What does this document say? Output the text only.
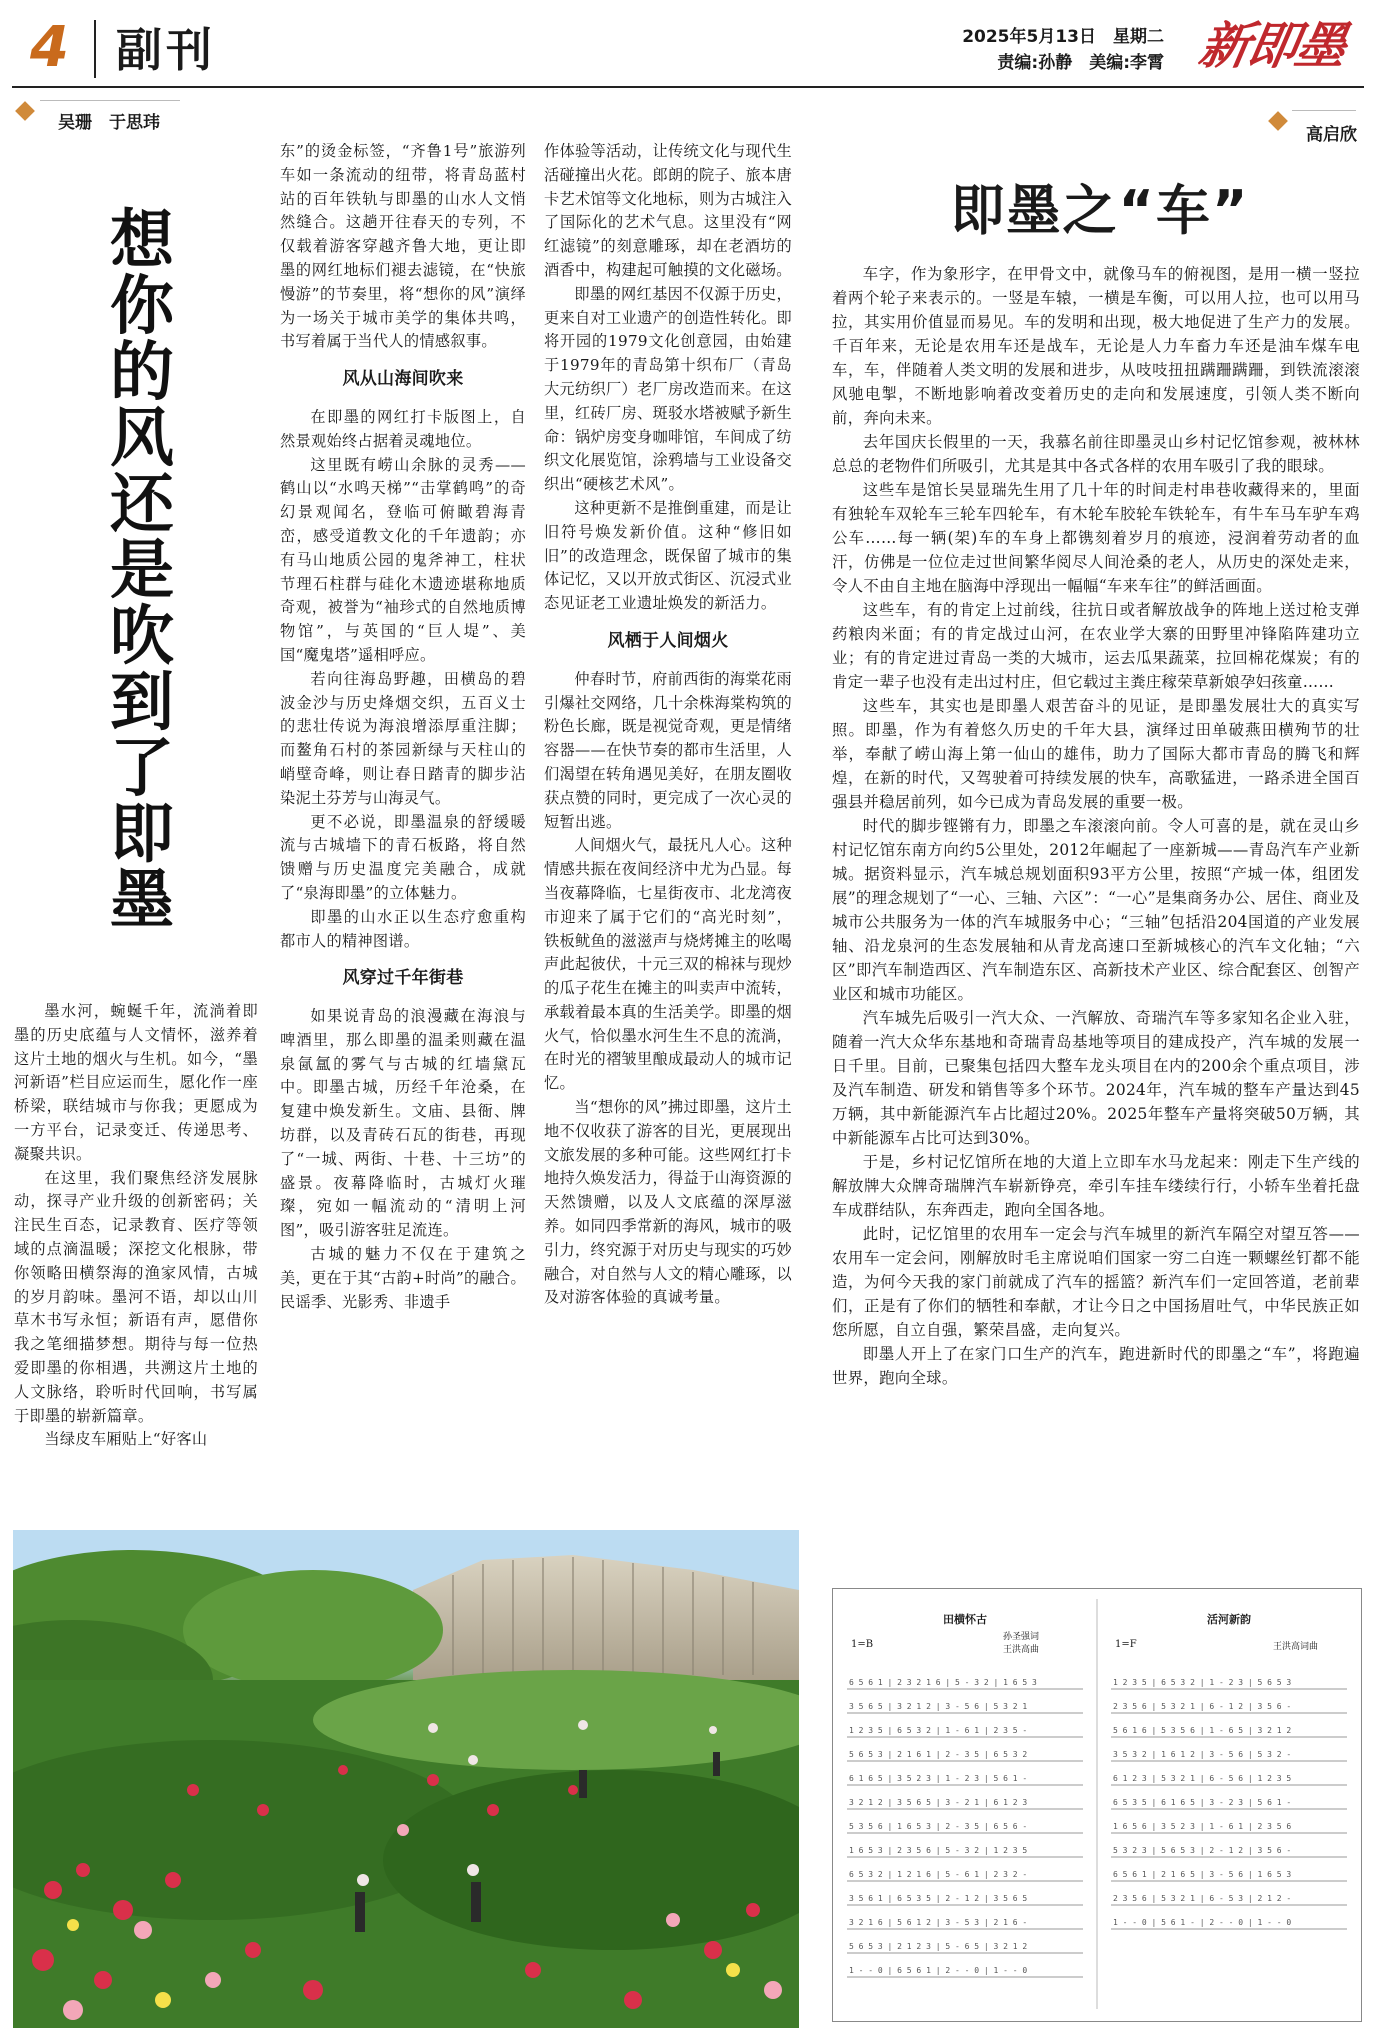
4 副刊	2025年5月13日　星期二
责编:孙静　美编:李霄 新即墨
吴珊　于思玮
高启欣
想你的风还是吹到了即墨

墨水河，蜿蜒千年，流淌着即墨的历史底蕴与人文情怀，滋养着这片土地的烟火与生机。如今，“墨河新语”栏目应运而生，愿化作一座桥梁，联结城市与你我；更愿成为一方平台，记录变迁、传递思考、凝聚共识。

在这里，我们聚焦经济发展脉动，探寻产业升级的创新密码；关注民生百态，记录教育、医疗等领域的点滴温暖；深挖文化根脉，带你领略田横祭海的渔家风情，古城的岁月韵味。墨河不语，却以山川草木书写永恒；新语有声，愿借你我之笔细描梦想。期待与每一位热爱即墨的你相遇，共溯这片土地的人文脉络，聆听时代回响，书写属于即墨的崭新篇章。

当绿皮车厢贴上“好客山

东”的烫金标签，“齐鲁1号”旅游列车如一条流动的纽带，将青岛蓝村站的百年铁轨与即墨的山水人文悄然缝合。这趟开往春天的专列，不仅载着游客穿越齐鲁大地，更让即墨的网红地标们褪去滤镜，在“快旅慢游”的节奏里，将“想你的风”演绎为一场关于城市美学的集体共鸣，书写着属于当代人的情感叙事。

风从山海间吹来

在即墨的网红打卡版图上，自然景观始终占据着灵魂地位。

这里既有崂山余脉的灵秀——鹤山以“水鸣天梯”“击掌鹤鸣”的奇幻景观闻名，登临可俯瞰碧海青峦，感受道教文化的千年遗韵；亦有马山地质公园的鬼斧神工，柱状节理石柱群与硅化木遗迹堪称地质奇观，被誉为“袖珍式的自然地质博物馆”，与英国的“巨人堤”、美国“魔鬼塔”遥相呼应。

若向往海岛野趣，田横岛的碧波金沙与历史烽烟交织，五百义士的悲壮传说为海浪增添厚重注脚；而鳌角石村的茶园新绿与天柱山的峭壁奇峰，则让春日踏青的脚步沾染泥土芬芳与山海灵气。

更不必说，即墨温泉的舒缓暖流与古城墙下的青石板路，将自然馈赠与历史温度完美融合，成就了“泉海即墨”的立体魅力。

即墨的山水正以生态疗愈重构都市人的精神图谱。

风穿过千年街巷

如果说青岛的浪漫藏在海浪与啤酒里，那么即墨的温柔则藏在温泉氤氲的雾气与古城的红墙黛瓦中。即墨古城，历经千年沧桑，在复建中焕发新生。文庙、县衙、牌坊群，以及青砖石瓦的街巷，再现了“一城、两街、十巷、十三坊”的盛景。夜幕降临时，古城灯火璀璨，宛如一幅流动的“清明上河图”，吸引游客驻足流连。

古城的魅力不仅在于建筑之美，更在于其“古韵+时尚”的融合。民谣季、光影秀、非遗手

作体验等活动，让传统文化与现代生活碰撞出火花。郎朗的院子、旅本唐卡艺术馆等文化地标，则为古城注入了国际化的艺术气息。这里没有“网红滤镜”的刻意雕琢，却在老酒坊的酒香中，构建起可触摸的文化磁场。

即墨的网红基因不仅源于历史，更来自对工业遗产的创造性转化。即将开园的1979文化创意园，由始建于1979年的青岛第十织布厂（青岛大元纺织厂）老厂房改造而来。在这里，红砖厂房、斑驳水塔被赋予新生命：锅炉房变身咖啡馆，车间成了纺织文化展览馆，涂鸦墙与工业设备交织出“硬核艺术风”。

这种更新不是推倒重建，而是让旧符号焕发新价值。这种“修旧如旧”的改造理念，既保留了城市的集体记忆，又以开放式街区、沉浸式业态见证老工业遗址焕发的新活力。

风栖于人间烟火

仲春时节，府前西街的海棠花雨引爆社交网络，几十余株海棠构筑的粉色长廊，既是视觉奇观，更是情绪容器——在快节奏的都市生活里，人们渴望在转角遇见美好，在朋友圈收获点赞的同时，更完成了一次心灵的短暂出逃。

人间烟火气，最抚凡人心。这种情感共振在夜间经济中尤为凸显。每当夜幕降临，七星街夜市、北龙湾夜市迎来了属于它们的“高光时刻”，铁板鱿鱼的滋滋声与烧烤摊主的吆喝声此起彼伏，十元三双的棉袜与现炒的瓜子花生在摊主的叫卖声中流转，承载着最本真的生活美学。即墨的烟火气，恰似墨水河生生不息的流淌，在时光的褶皱里酿成最动人的城市记忆。

当“想你的风”拂过即墨，这片土地不仅收获了游客的目光，更展现出文旅发展的多种可能。这些网红打卡地持久焕发活力，得益于山海资源的天然馈赠，以及人文底蕴的深厚滋养。如同四季常新的海风，城市的吸引力，终究源于对历史与现实的巧妙融合，对自然与人文的精心雕琢，以及对游客体验的真诚考量。

即墨之“车”

车字，作为象形字，在甲骨文中，就像马车的俯视图，是用一横一竖拉着两个轮子来表示的。一竖是车辕，一横是车衡，可以用人拉，也可以用马拉，其实用价值显而易见。车的发明和出现，极大地促进了生产力的发展。千百年来，无论是农用车还是战车，无论是人力车畜力车还是油车煤车电车，车，伴随着人类文明的发展和进步，从吱吱扭扭蹒跚蹒跚，到铁流滚滚风驰电掣，不断地影响着改变着历史的走向和发展速度，引领人类不断向前，奔向未来。

去年国庆长假里的一天，我慕名前往即墨灵山乡村记忆馆参观，被林林总总的老物件们所吸引，尤其是其中各式各样的农用车吸引了我的眼球。

这些车是馆长吴显瑞先生用了几十年的时间走村串巷收藏得来的，里面有独轮车双轮车三轮车四轮车，有木轮车胶轮车铁轮车，有牛车马车驴车鸡公车……每一辆(架)车的车身上都镌刻着岁月的痕迹，浸润着劳动者的血汗，仿佛是一位位走过世间繁华阅尽人间沧桑的老人，从历史的深处走来，令人不由自主地在脑海中浮现出一幅幅“车来车往”的鲜活画面。

这些车，有的肯定上过前线，往抗日或者解放战争的阵地上送过枪支弹药粮肉米面；有的肯定战过山河，在农业学大寨的田野里冲锋陷阵建功立业；有的肯定进过青岛一类的大城市，运去瓜果蔬菜，拉回棉花煤炭；有的肯定一辈子也没有走出过村庄，但它载过主粪庄稼荣草新娘孕妇孩童……

这些车，其实也是即墨人艰苦奋斗的见证，是即墨发展壮大的真实写照。即墨，作为有着悠久历史的千年大县，演绎过田单破燕田横殉节的壮举，奉献了崂山海上第一仙山的雄伟，助力了国际大都市青岛的腾飞和辉煌，在新的时代，又驾驶着可持续发展的快车，高歌猛进，一路杀进全国百强县并稳居前列，如今已成为青岛发展的重要一极。

时代的脚步铿锵有力，即墨之车滚滚向前。令人可喜的是，就在灵山乡村记忆馆东南方向约5公里处，2012年崛起了一座新城——青岛汽车产业新城。据资料显示，汽车城总规划面积93平方公里，按照“产城一体，组团发展”的理念规划了“一心、三轴、六区”：“一心”是集商务办公、居住、商业及城市公共服务为一体的汽车城服务中心；“三轴”包括沿204国道的产业发展轴、沿龙泉河的生态发展轴和从青龙高速口至新城核心的汽车文化轴；“六区”即汽车制造西区、汽车制造东区、高新技术产业区、综合配套区、创智产业区和城市功能区。

汽车城先后吸引一汽大众、一汽解放、奇瑞汽车等多家知名企业入驻，随着一汽大众华东基地和奇瑞青岛基地等项目的建成投产，汽车城的发展一日千里。目前，已聚集包括四大整车龙头项目在内的200余个重点项目，涉及汽车制造、研发和销售等多个环节。2024年，汽车城的整车产量达到45万辆，其中新能源汽车占比超过20%。2025年整车产量将突破50万辆，其中新能源车占比可达到30%。

于是，乡村记忆馆所在地的大道上立即车水马龙起来：刚走下生产线的解放牌大众牌奇瑞牌汽车崭新铮亮，牵引车挂车缕续行行，小轿车坐着托盘车成群结队，东奔西走，跑向全国各地。

此时，记忆馆里的农用车一定会与汽车城里的新汽车隔空对望互答——农用车一定会问，刚解放时毛主席说咱们国家一穷二白连一颗螺丝钉都不能造，为何今天我的家门前就成了汽车的摇篮？新汽车们一定回答道，老前辈们，正是有了你们的牺牲和奉献，才让今日之中国扬眉吐气，中华民族正如您所愿，自立自强，繁荣昌盛，走向复兴。

即墨人开上了在家门口生产的汽车，跑进新时代的即墨之“车”，将跑遍世界，跑向全球。

6 5 6 1 | 2 3 2 1 6 | 5 - 3 2 | 1 6 5 3
3 5 6 5 | 3 2 1 2 | 3 - 5 6 | 5 3 2 1
1 2 3 5 | 6 5 3 2 | 1 - 6 1 | 2 3 5 -
5 6 5 3 | 2 1 6 1 | 2 - 3 5 | 6 5 3 2
6 1 6 5 | 3 5 2 3 | 1 - 2 3 | 5 6 1 -
3 2 1 2 | 3 5 6 5 | 3 - 2 1 | 6 1 2 3
5 3 5 6 | 1 6 5 3 | 2 - 3 5 | 6 5 6 -
1 6 5 3 | 2 3 5 6 | 5 - 3 2 | 1 2 3 5
6 5 3 2 | 1 2 1 6 | 5 - 6 1 | 2 3 2 -
3 5 6 1 | 6 5 3 5 | 2 - 1 2 | 3 5 6 5
3 2 1 6 | 5 6 1 2 | 3 - 5 3 | 2 1 6 -
5 6 5 3 | 2 1 2 3 | 5 - 6 5 | 3 2 1 2
1 - - 0 | 6 5 6 1 | 2 - - 0 | 1 - - 0
1 2 3 5 | 6 5 3 2 | 1 - 2 3 | 5 6 5 3
2 3 5 6 | 5 3 2 1 | 6 - 1 2 | 3 5 6 -
5 6 1 6 | 5 3 5 6 | 1 - 6 5 | 3 2 1 2
3 5 3 2 | 1 6 1 2 | 3 - 5 6 | 5 3 2 -
6 1 2 3 | 5 3 2 1 | 6 - 5 6 | 1 2 3 5
6 5 3 5 | 6 1 6 5 | 3 - 2 3 | 5 6 1 -
1 6 5 6 | 3 5 2 3 | 1 - 6 1 | 2 3 5 6
5 3 2 3 | 5 6 5 3 | 2 - 1 2 | 3 5 6 -
6 5 6 1 | 2 1 6 5 | 3 - 5 6 | 1 6 5 3
2 3 5 6 | 5 3 2 1 | 6 - 5 3 | 2 1 2 -
1 - - 0 | 5 6 1 - | 2 - - 0 | 1 - - 0
田横怀古
1=B
孙圣强词
王洪高曲
活河新韵
1=F	王洪高词曲
